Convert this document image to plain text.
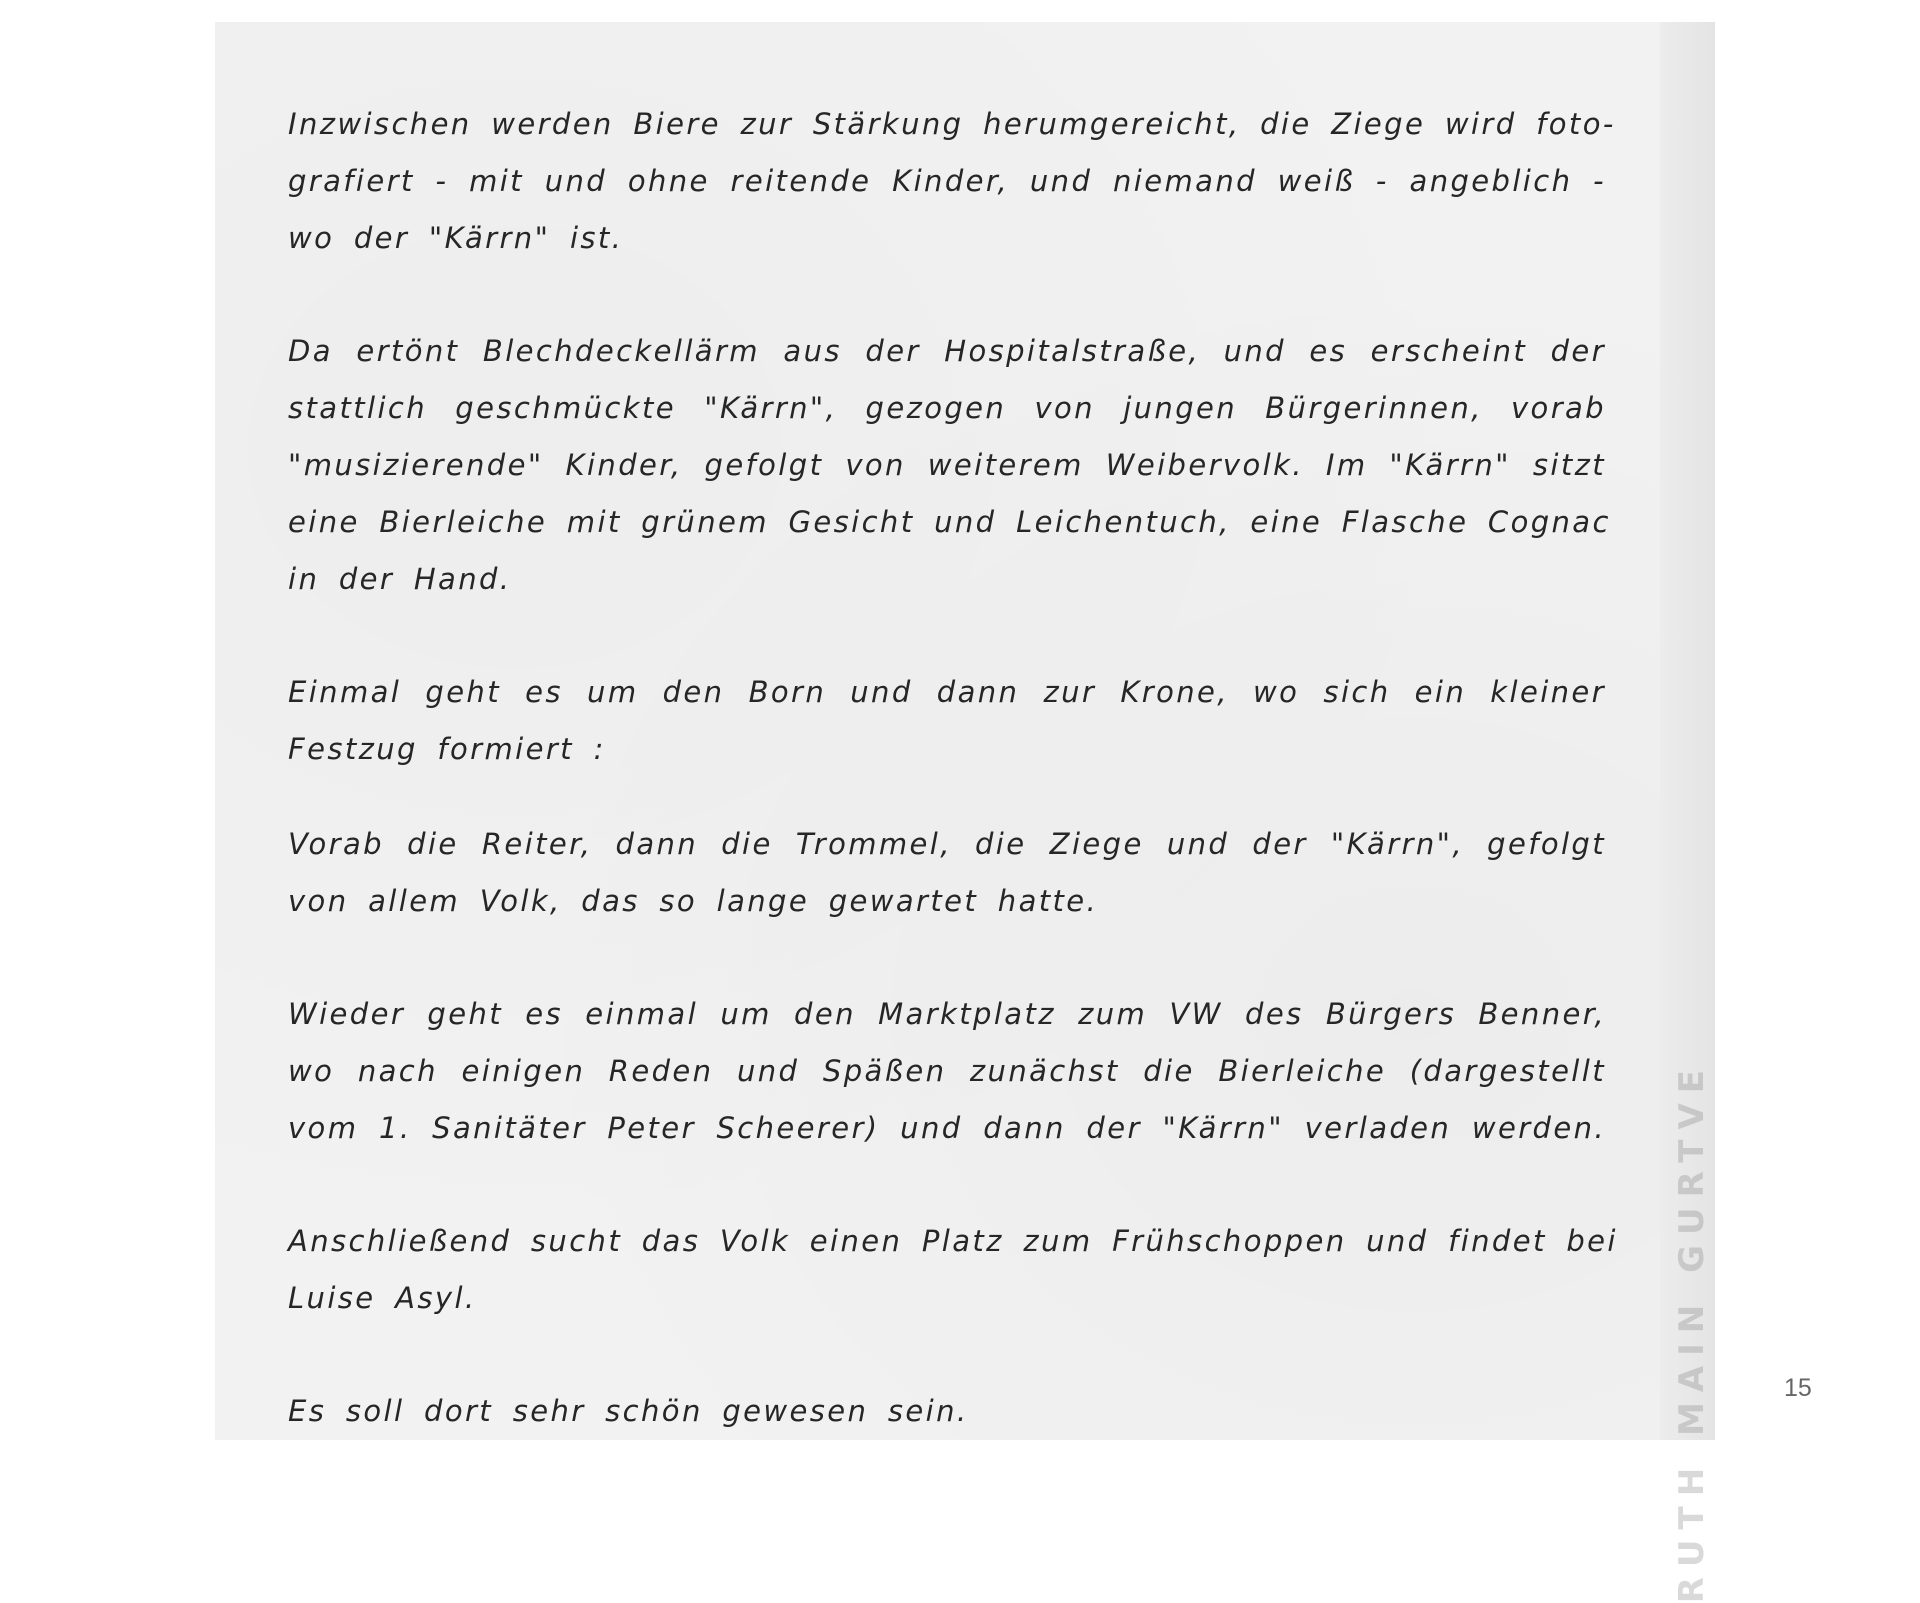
RUTH MAIN GURTVE
Inzwischen werden Biere zur Stärkung herumgereicht, die Ziege wird foto-
grafiert - mit und ohne reitende Kinder, und niemand weiß - angeblich -
wo der "Kärrn" ist.
Da ertönt Blechdeckellärm aus der Hospitalstraße, und es erscheint der
stattlich geschmückte "Kärrn", gezogen von jungen Bürgerinnen, vorab
"musizierende" Kinder, gefolgt von weiterem Weibervolk. Im "Kärrn" sitzt
eine Bierleiche mit grünem Gesicht und Leichentuch, eine Flasche Cognac
in der Hand.
Einmal geht es um den Born und dann zur Krone, wo sich ein kleiner
Festzug formiert :
Vorab die Reiter, dann die Trommel, die Ziege und der "Kärrn", gefolgt
von allem Volk, das so lange gewartet hatte.
Wieder geht es einmal um den Marktplatz zum VW des Bürgers Benner,
wo nach einigen Reden und Späßen zunächst die Bierleiche (dargestellt
vom 1. Sanitäter Peter Scheerer) und dann der "Kärrn" verladen werden.
Anschließend sucht das Volk einen Platz zum Frühschoppen und findet bei
Luise Asyl.
Es soll dort sehr schön gewesen sein.
15
